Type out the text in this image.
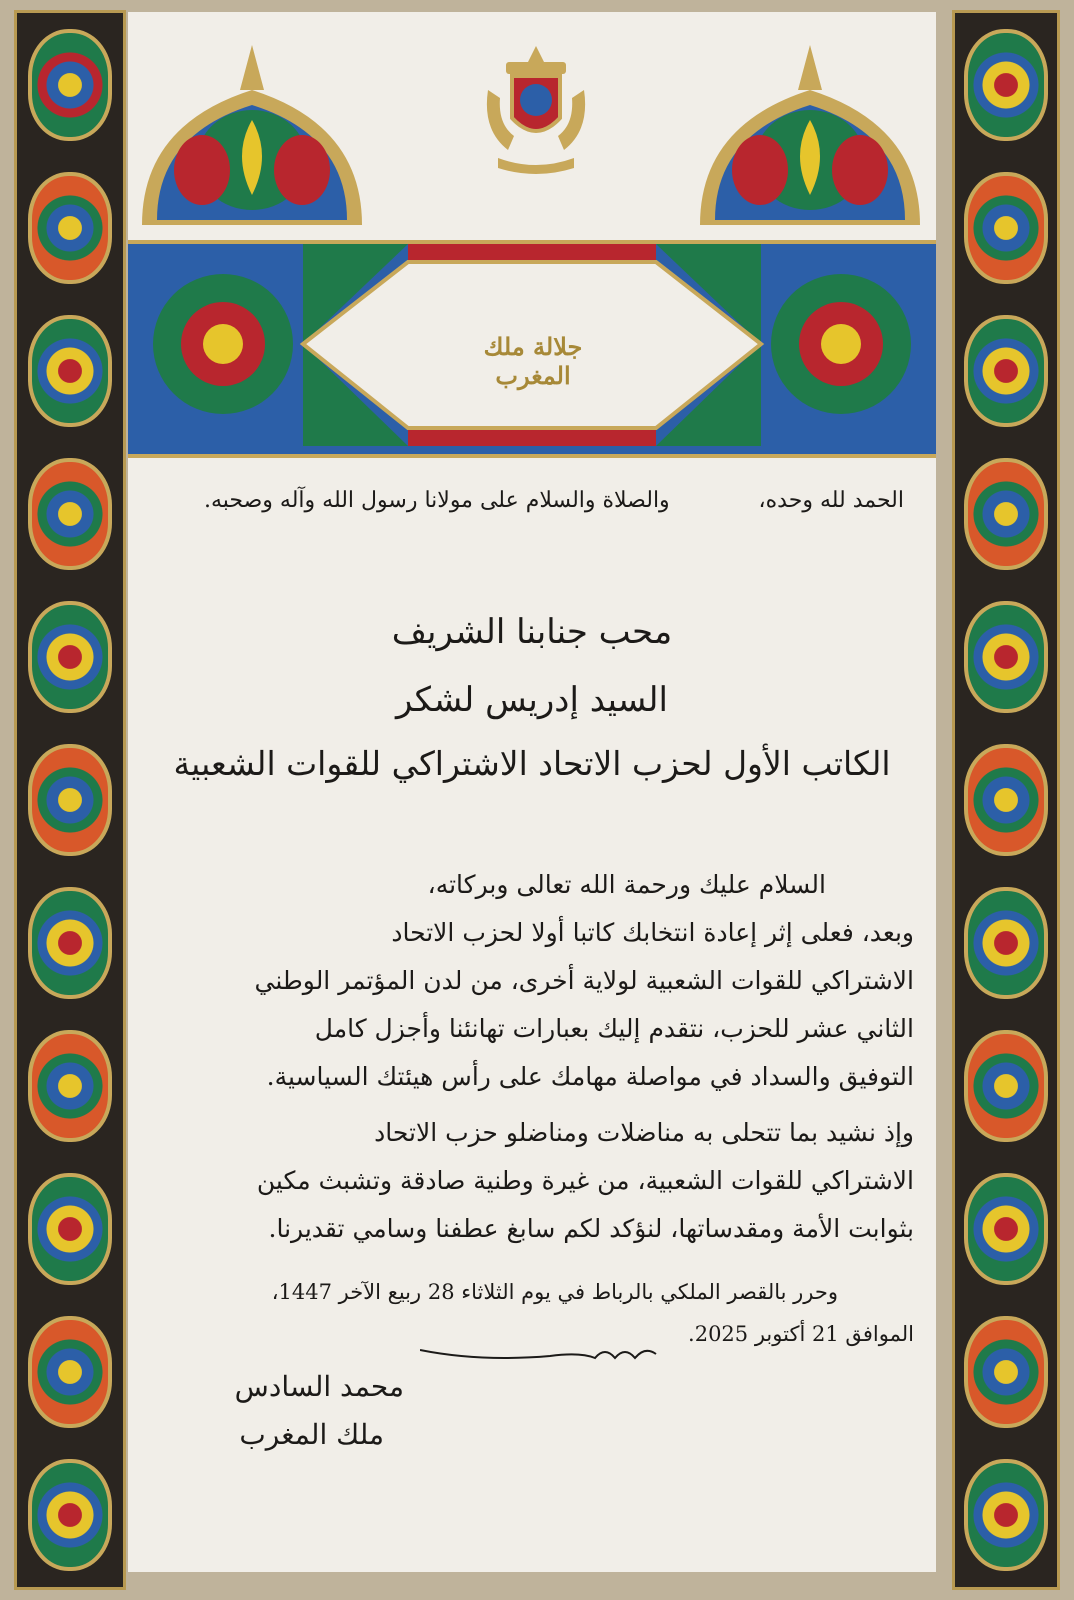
جلالة ملك المغرب
الحمد لله وحده،
والصلاة والسلام على مولانا رسول الله وآله وصحبه.
محب جنابنا الشريف
السيد إدريس لشكر
الكاتب الأول لحزب الاتحاد الاشتراكي للقوات الشعبية
السلام عليك ورحمة الله تعالى وبركاته،
وبعد، فعلى إثر إعادة انتخابك كاتبا أولا لحزب الاتحاد
الاشتراكي للقوات الشعبية لولاية أخرى، من لدن المؤتمر الوطني
الثاني عشر للحزب، نتقدم إليك بعبارات تهانئنا وأجزل كامل
التوفيق والسداد في مواصلة مهامك على رأس هيئتك السياسية.
وإذ نشيد بما تتحلى به مناضلات ومناضلو حزب الاتحاد
الاشتراكي للقوات الشعبية، من غيرة وطنية صادقة وتشبث مكين
بثوابت الأمة ومقدساتها، لنؤكد لكم سابغ عطفنا وسامي تقديرنا.
وحرر بالقصر الملكي بالرباط في يوم الثلاثاء 28 ربيع الآخر 1447،
الموافق 21 أكتوبر 2025.
محمد السادس
ملك المغرب
